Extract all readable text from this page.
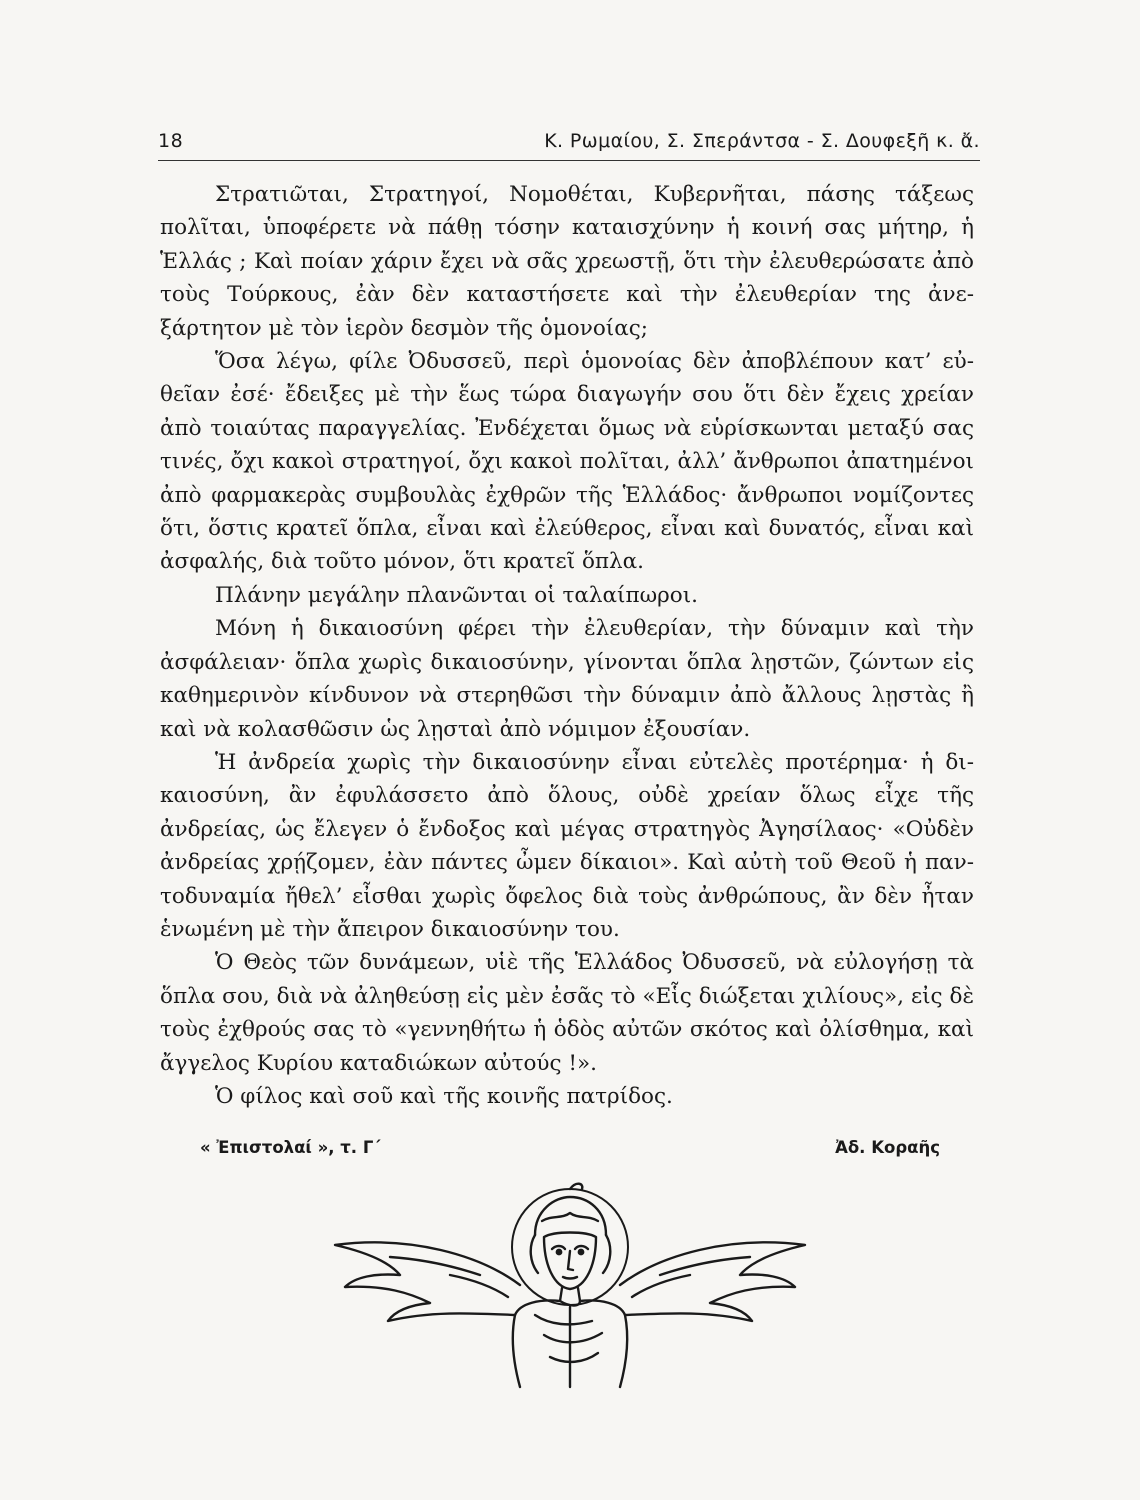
18	Κ. Ρωμαίου, Σ. Σπεράντσα - Σ. Δουφεξῆ κ. ἄ.

Στρατιῶται, Στρατηγοί, Νομοθέται, Κυβερνῆται, πάσης τάξεως πολῖται, ὑποφέρετε νὰ πάθῃ τόσην καταισχύνην ἡ κοινή σας μήτηρ, ἡ Ἑλλάς ; Καὶ ποίαν χάριν ἔχει νὰ σᾶς χρεωστῇ, ὅτι τὴν ἐλευθερώσατε ἀπὸ τοὺς Τούρκους, ἐὰν δὲν καταστήσετε καὶ τὴν ἐλευθερίαν της ἀνεξάρτητον μὲ τὸν ἱερὸν δεσμὸν τῆς ὁμονοίας;

Ὅσα λέγω, φίλε Ὀδυσσεῦ, περὶ ὁμονοίας δὲν ἀποβλέπουν κατ’ εὐθεῖαν ἐσέ· ἔδειξες μὲ τὴν ἕως τώρα διαγωγήν σου ὅτι δὲν ἔχεις χρείαν ἀπὸ τοιαύτας παραγγελίας. Ἐνδέχεται ὅμως νὰ εὑρίσκωνται μεταξύ σας τινές, ὄχι κακοὶ στρατηγοί, ὄχι κακοὶ πολῖται, ἀλλ’ ἄνθρωποι ἀπατημένοι ἀπὸ φαρμακερὰς συμβουλὰς ἐχθρῶν τῆς Ἑλλάδος· ἄνθρωποι νομίζοντες ὅτι, ὅστις κρατεῖ ὅπλα, εἶναι καὶ ἐλεύθερος, εἶναι καὶ δυνατός, εἶναι καὶ ἀσφαλής, διὰ τοῦτο μόνον, ὅτι κρατεῖ ὅπλα.

Πλάνην μεγάλην πλανῶνται οἱ ταλαίπωροι.

Μόνη ἡ δικαιοσύνη φέρει τὴν ἐλευθερίαν, τὴν δύναμιν καὶ τὴν ἀσφάλειαν· ὅπλα χωρὶς δικαιοσύνην, γίνονται ὅπλα λῃστῶν, ζώντων εἰς καθημερινὸν κίνδυνον νὰ στερηθῶσι τὴν δύναμιν ἀπὸ ἄλλους λῃστὰς ἢ καὶ νὰ κολασθῶσιν ὡς λῃσταὶ ἀπὸ νόμιμον ἐξουσίαν.

Ἡ ἀνδρεία χωρὶς τὴν δικαιοσύνην εἶναι εὐτελὲς προτέρημα· ἡ δικαιοσύνη, ἂν ἐφυλάσσετο ἀπὸ ὅλους, οὐδὲ χρείαν ὅλως εἶχε τῆς ἀνδρείας, ὡς ἔλεγεν ὁ ἔνδοξος καὶ μέγας στρατηγὸς Ἀγησίλαος· «Οὐδὲν ἀνδρείας χρῄζομεν, ἐὰν πάντες ὦμεν δίκαιοι». Καὶ αὐτὴ τοῦ Θεοῦ ἡ παντοδυναμία ἤθελ’ εἶσθαι χωρὶς ὄφελος διὰ τοὺς ἀνθρώπους, ἂν δὲν ἦταν ἑνωμένη μὲ τὴν ἄπειρον δικαιοσύνην του.

Ὁ Θεὸς τῶν δυνάμεων, υἱὲ τῆς Ἑλλάδος Ὀδυσσεῦ, νὰ εὐλογήσῃ τὰ ὅπλα σου, διὰ νὰ ἀληθεύσῃ εἰς μὲν ἐσᾶς τὸ «Εἷς διώξεται χιλίους», εἰς δὲ τοὺς ἐχθρούς σας τὸ «γεννηθήτω ἡ ὁδὸς αὐτῶν σκότος καὶ ὀλίσθημα, καὶ ἄγγελος Κυρίου καταδιώκων αὐτούς !».

Ὁ φίλος καὶ σοῦ καὶ τῆς κοινῆς πατρίδος.

« Ἐπιστολαί », τ. Γ΄	Ἀδ. Κοραῆς
